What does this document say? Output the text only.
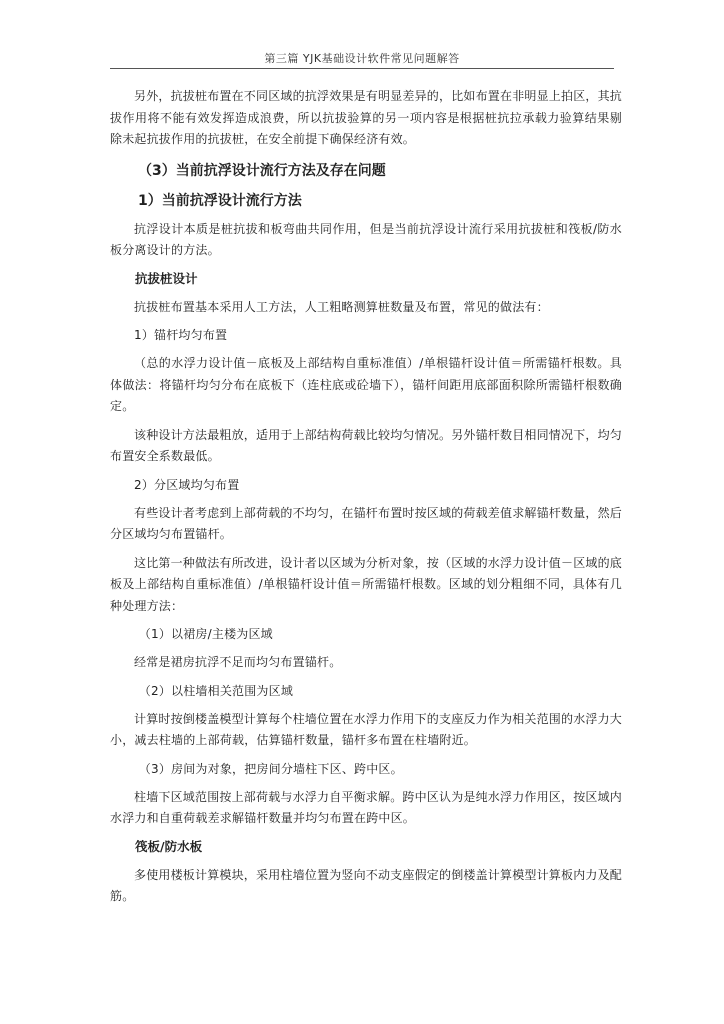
第三篇 YJK基础设计软件常见问题解答
另外，抗拔桩布置在不同区域的抗浮效果是有明显差异的，比如布置在非明显上拍区，其抗拔作用将不能有效发挥造成浪费，所以抗拔验算的另一项内容是根据桩抗拉承载力验算结果剔除未起抗拔作用的抗拔桩，在安全前提下确保经济有效。
（3）当前抗浮设计流行方法及存在问题
1）当前抗浮设计流行方法
抗浮设计本质是桩抗拔和板弯曲共同作用，但是当前抗浮设计流行采用抗拔桩和筏板/防水板分离设计的方法。
抗拔桩设计
抗拔桩布置基本采用人工方法，人工粗略测算桩数量及布置，常见的做法有：
1）锚杆均匀布置
（总的水浮力设计值－底板及上部结构自重标准值）/单根锚杆设计值＝所需锚杆根数。具体做法：将锚杆均匀分布在底板下（连柱底或砼墙下），锚杆间距用底部面积除所需锚杆根数确定。
该种设计方法最粗放，适用于上部结构荷载比较均匀情况。另外锚杆数目相同情况下，均匀布置安全系数最低。
2）分区域均匀布置
有些设计者考虑到上部荷载的不均匀，在锚杆布置时按区域的荷载差值求解锚杆数量，然后分区域均匀布置锚杆。
这比第一种做法有所改进，设计者以区域为分析对象，按（区域的水浮力设计值－区域的底板及上部结构自重标准值）/单根锚杆设计值＝所需锚杆根数。区域的划分粗细不同，具体有几种处理方法：
（1）以裙房/主楼为区域
经常是裙房抗浮不足而均匀布置锚杆。
（2）以柱墙相关范围为区域
计算时按倒楼盖模型计算每个柱墙位置在水浮力作用下的支座反力作为相关范围的水浮力大小，减去柱墙的上部荷载，估算锚杆数量，锚杆多布置在柱墙附近。
（3）房间为对象，把房间分墙柱下区、跨中区。
柱墙下区域范围按上部荷载与水浮力自平衡求解。跨中区认为是纯水浮力作用区，按区域内水浮力和自重荷载差求解锚杆数量并均匀布置在跨中区。
筏板/防水板
多使用楼板计算模块，采用柱墙位置为竖向不动支座假定的倒楼盖计算模型计算板内力及配筋。
